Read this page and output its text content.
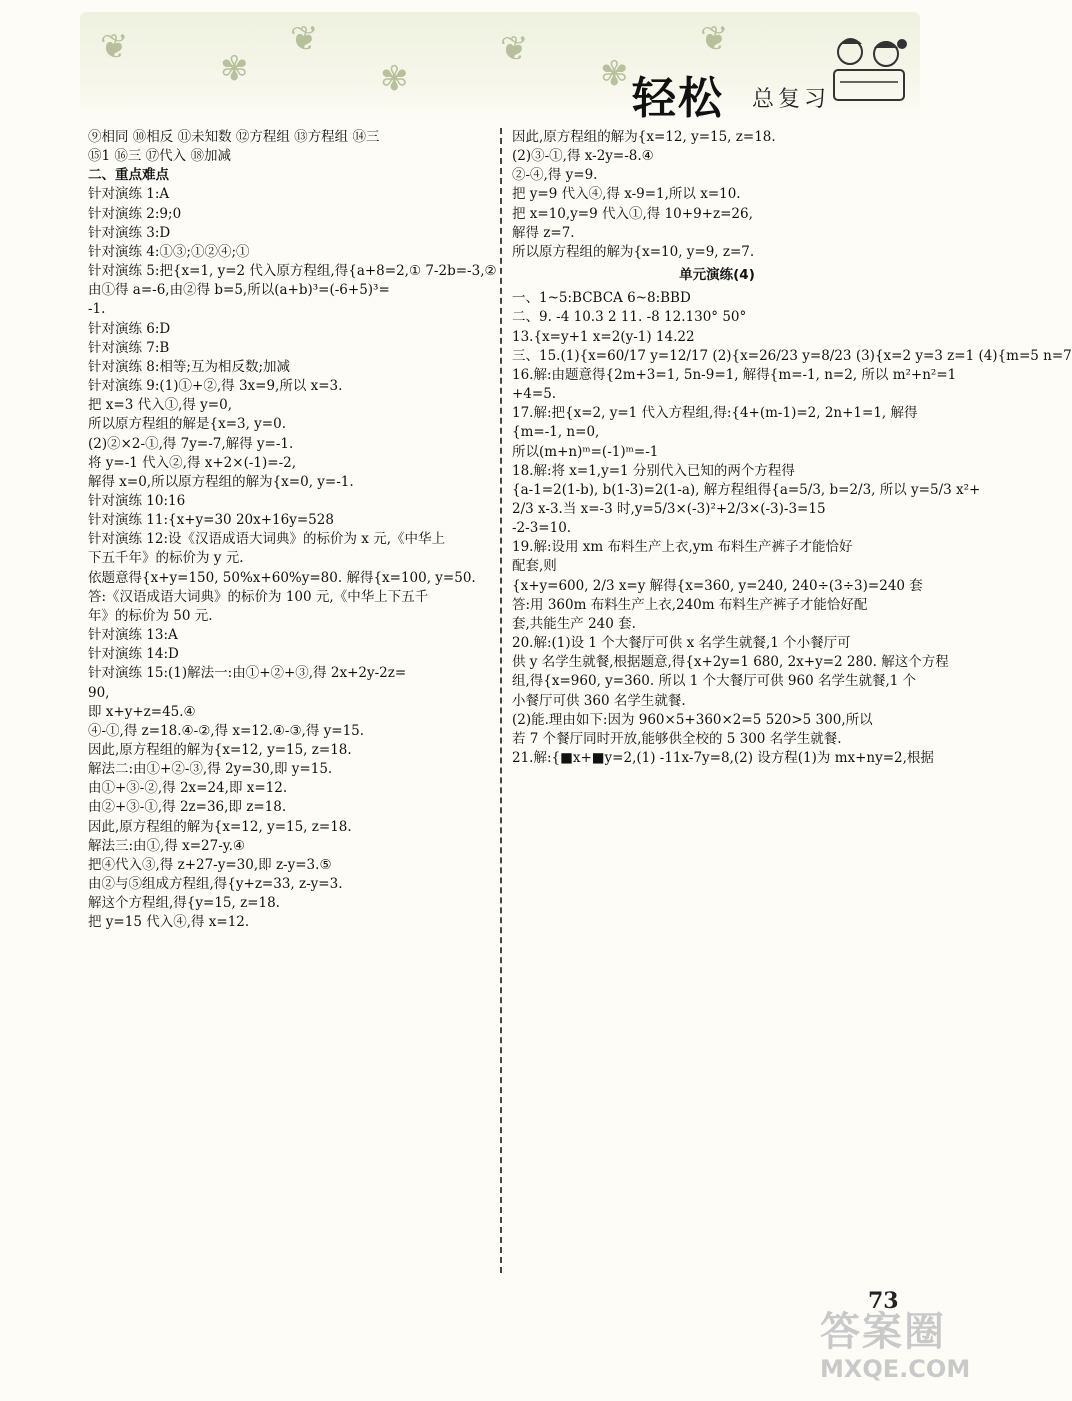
❦
✾
❦
✾
❦
✾
❦
轻松 总复习
⑨相同 ⑩相反 ⑪未知数 ⑫方程组 ⑬方程组 ⑭三
⑮1 ⑯三 ⑰代入 ⑱加减
二、重点难点
针对演练 1:A
针对演练 2:9;0
针对演练 3:D
针对演练 4:①③;①②④;①
针对演练 5:把{x=1, y=2 代入原方程组,得{a+8=2,① 7-2b=-3,②
由①得 a=-6,由②得 b=5,所以(a+b)³=(-6+5)³=
-1.
针对演练 6:D
针对演练 7:B
针对演练 8:相等;互为相反数;加减
针对演练 9:(1)①+②,得 3x=9,所以 x=3.
把 x=3 代入①,得 y=0,
所以原方程组的解是{x=3, y=0.
(2)②×2-①,得 7y=-7,解得 y=-1.
将 y=-1 代入②,得 x+2×(-1)=-2,
解得 x=0,所以原方程组的解为{x=0, y=-1.
针对演练 10:16
针对演练 11:{x+y=30 20x+16y=528
针对演练 12:设《汉语成语大词典》的标价为 x 元,《中华上
下五千年》的标价为 y 元.
依题意得{x+y=150, 50%x+60%y=80. 解得{x=100, y=50.
答:《汉语成语大词典》的标价为 100 元,《中华上下五千
年》的标价为 50 元.
针对演练 13:A
针对演练 14:D
针对演练 15:(1)解法一:由①+②+③,得 2x+2y-2z=
90,
即 x+y+z=45.④
④-①,得 z=18.④-②,得 x=12.④-③,得 y=15.
因此,原方程组的解为{x=12, y=15, z=18.
解法二:由①+②-③,得 2y=30,即 y=15.
由①+③-②,得 2x=24,即 x=12.
由②+③-①,得 2z=36,即 z=18.
因此,原方程组的解为{x=12, y=15, z=18.
解法三:由①,得 x=27-y.④
把④代入③,得 z+27-y=30,即 z-y=3.⑤
由②与⑤组成方程组,得{y+z=33, z-y=3.
解这个方程组,得{y=15, z=18.
把 y=15 代入④,得 x=12.
因此,原方程组的解为{x=12, y=15, z=18.
(2)③-①,得 x-2y=-8.④
②-④,得 y=9.
把 y=9 代入④,得 x-9=1,所以 x=10.
把 x=10,y=9 代入①,得 10+9+z=26,
解得 z=7.
所以原方程组的解为{x=10, y=9, z=7.
单元演练(4)
一、1~5:BCBCA 6~8:BBD
二、9. -4 10.3 2 11. -8 12.130° 50°
13.{x=y+1 x=2(y-1) 14.22
三、15.(1){x=60/17 y=12/17 (2){x=26/23 y=8/23 (3){x=2 y=3 z=1 (4){m=5 n=7
16.解:由题意得{2m+3=1, 5n-9=1, 解得{m=-1, n=2, 所以 m²+n²=1
+4=5.
17.解:把{x=2, y=1 代入方程组,得:{4+(m-1)=2, 2n+1=1, 解得
{m=-1, n=0,
所以(m+n)ᵐ=(-1)ᵐ=-1
18.解:将 x=1,y=1 分别代入已知的两个方程得
{a-1=2(1-b), b(1-3)=2(1-a), 解方程组得{a=5/3, b=2/3, 所以 y=5/3 x²+
2/3 x-3.当 x=-3 时,y=5/3×(-3)²+2/3×(-3)-3=15
-2-3=10.
19.解:设用 xm 布料生产上衣,ym 布料生产裤子才能恰好
配套,则
{x+y=600, 2/3 x=y 解得{x=360, y=240, 240÷(3÷3)=240 套
答:用 360m 布料生产上衣,240m 布料生产裤子才能恰好配
套,共能生产 240 套.
20.解:(1)设 1 个大餐厅可供 x 名学生就餐,1 个小餐厅可
供 y 名学生就餐,根据题意,得{x+2y=1 680, 2x+y=2 280. 解这个方程
组,得{x=960, y=360. 所以 1 个大餐厅可供 960 名学生就餐,1 个
小餐厅可供 360 名学生就餐.
(2)能.理由如下:因为 960×5+360×2=5 520>5 300,所以
若 7 个餐厅同时开放,能够供全校的 5 300 名学生就餐.
21.解:{■x+■y=2,(1) -11x-7y=8,(2) 设方程(1)为 mx+ny=2,根据
73
答案圈
MXQE.COM
